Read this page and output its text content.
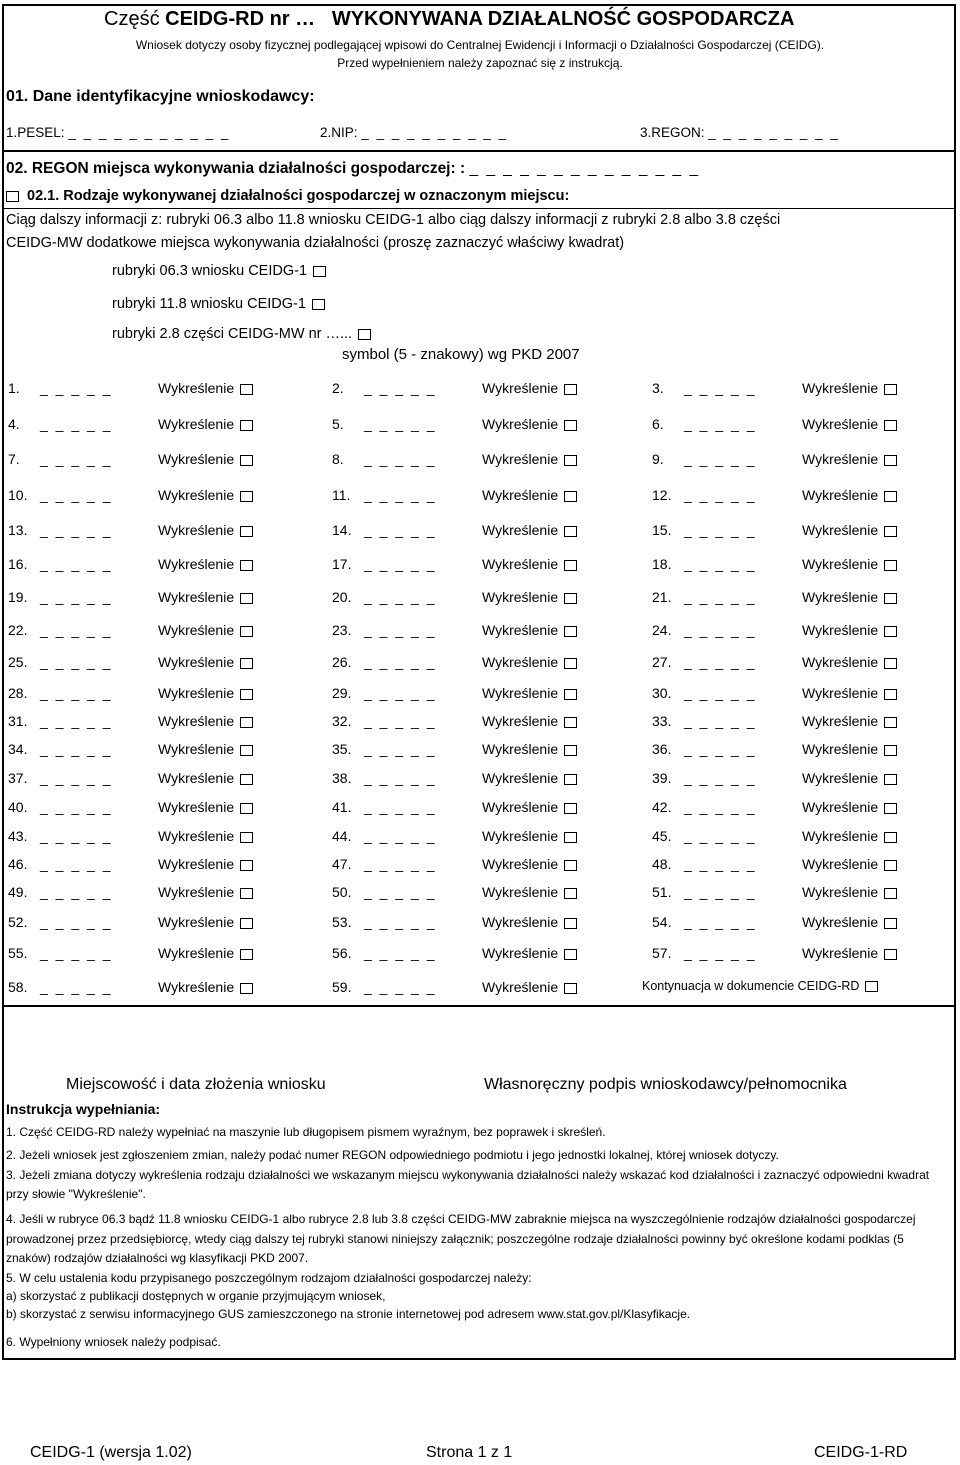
Część CEIDG-RD nr … WYKONYWANA DZIAŁALNOŚĆ GOSPODARCZA
Wniosek dotyczy osoby fizycznej podlegającej wpisowi do Centralnej Ewidencji i Informacji o Działalności Gospodarczej (CEIDG).
Przed wypełnieniem należy zapoznać się z instrukcją.
01. Dane identyfikacyjne wnioskodawcy:
1.PESEL: _ _ _ _ _ _ _ _ _ _ _	2.NIP: _ _ _ _ _ _ _ _ _ _	3.REGON: _ _ _ _ _ _ _ _ _
02. REGON miejsca wykonywania działalności gospodarczej: : _ _ _ _ _ _ _ _ _ _ _ _ _ _
02.1. Rodzaje wykonywanej działalności gospodarczej w oznaczonym miejscu:
Ciąg dalszy informacji z: rubryki 06.3 albo 11.8 wniosku CEIDG-1 albo ciąg dalszy informacji z rubryki 2.8 albo 3.8 części
CEIDG-MW dodatkowe miejsca wykonywania działalności (proszę zaznaczyć właściwy kwadrat)
rubryki 06.3 wniosku CEIDG-1
rubryki 11.8 wniosku CEIDG-1
rubryki 2.8 części CEIDG-MW nr …...
symbol (5 - znakowy) wg PKD 2007
1. _ _ _ _ _	Wykreślenie	2. _ _ _ _ _	Wykreślenie	3. _ _ _ _ _	Wykreślenie
4. _ _ _ _ _	Wykreślenie	5. _ _ _ _ _	Wykreślenie	6. _ _ _ _ _	Wykreślenie
7. _ _ _ _ _	Wykreślenie	8. _ _ _ _ _	Wykreślenie	9. _ _ _ _ _	Wykreślenie
10. _ _ _ _ _	Wykreślenie	11. _ _ _ _ _	Wykreślenie	12. _ _ _ _ _	Wykreślenie
13. _ _ _ _ _	Wykreślenie	14. _ _ _ _ _	Wykreślenie	15. _ _ _ _ _	Wykreślenie
16. _ _ _ _ _	Wykreślenie	17. _ _ _ _ _	Wykreślenie	18. _ _ _ _ _	Wykreślenie
19. _ _ _ _ _	Wykreślenie	20. _ _ _ _ _	Wykreślenie	21. _ _ _ _ _	Wykreślenie
22. _ _ _ _ _	Wykreślenie	23. _ _ _ _ _	Wykreślenie	24. _ _ _ _ _	Wykreślenie
25. _ _ _ _ _	Wykreślenie	26. _ _ _ _ _	Wykreślenie	27. _ _ _ _ _	Wykreślenie
28. _ _ _ _ _	Wykreślenie	29. _ _ _ _ _	Wykreślenie	30. _ _ _ _ _	Wykreślenie
31. _ _ _ _ _	Wykreślenie	32. _ _ _ _ _	Wykreślenie	33. _ _ _ _ _	Wykreślenie
34. _ _ _ _ _	Wykreślenie	35. _ _ _ _ _	Wykreślenie	36. _ _ _ _ _	Wykreślenie
37. _ _ _ _ _	Wykreślenie	38. _ _ _ _ _	Wykreślenie	39. _ _ _ _ _	Wykreślenie
40. _ _ _ _ _	Wykreślenie	41. _ _ _ _ _	Wykreślenie	42. _ _ _ _ _	Wykreślenie
43. _ _ _ _ _	Wykreślenie	44. _ _ _ _ _	Wykreślenie	45. _ _ _ _ _	Wykreślenie
46. _ _ _ _ _	Wykreślenie	47. _ _ _ _ _	Wykreślenie	48. _ _ _ _ _	Wykreślenie
49. _ _ _ _ _	Wykreślenie	50. _ _ _ _ _	Wykreślenie	51. _ _ _ _ _	Wykreślenie
52. _ _ _ _ _	Wykreślenie	53. _ _ _ _ _	Wykreślenie	54. _ _ _ _ _	Wykreślenie
55. _ _ _ _ _	Wykreślenie	56. _ _ _ _ _	Wykreślenie	57. _ _ _ _ _	Wykreślenie
58. _ _ _ _ _	Wykreślenie	59. _ _ _ _ _	Wykreślenie	Kontynuacja w dokumencie CEIDG-RD
Miejscowość i data złożenia wniosku	Własnoręczny podpis wnioskodawcy/pełnomocnika
Instrukcja wypełniania:
1. Część CEIDG-RD należy wypełniać na maszynie lub długopisem pismem wyraźnym, bez poprawek i skreśleń.
2. Jeżeli wniosek jest zgłoszeniem zmian, należy podać numer REGON odpowiedniego podmiotu i jego jednostki lokalnej, której wniosek dotyczy.
3. Jeżeli zmiana dotyczy wykreślenia rodzaju działalności we wskazanym miejscu wykonywania działalności należy wskazać kod działalności i zaznaczyć odpowiedni kwadrat przy słowie "Wykreślenie".
4. Jeśli w rubryce 06.3 bądź 11.8 wniosku CEIDG-1 albo rubryce 2.8 lub 3.8 części CEIDG-MW zabraknie miejsca na wyszczególnienie rodzajów działalności gospodarczej prowadzonej przez przedsiębiorcę, wtedy ciąg dalszy tej rubryki stanowi niniejszy załącznik; poszczególne rodzaje działalności powinny być określone kodami podklas (5 znaków) rodzajów działalności wg klasyfikacji PKD 2007.
5. W celu ustalenia kodu przypisanego poszczególnym rodzajom działalności gospodarczej należy:
a) skorzystać z publikacji dostępnych w organie przyjmującym wniosek,
b) skorzystać z serwisu informacyjnego GUS zamieszczonego na stronie internetowej pod adresem www.stat.gov.pl/Klasyfikacje.
6. Wypełniony wniosek należy podpisać.
CEIDG-1 (wersja 1.02)	Strona 1 z 1	CEIDG-1-RD
